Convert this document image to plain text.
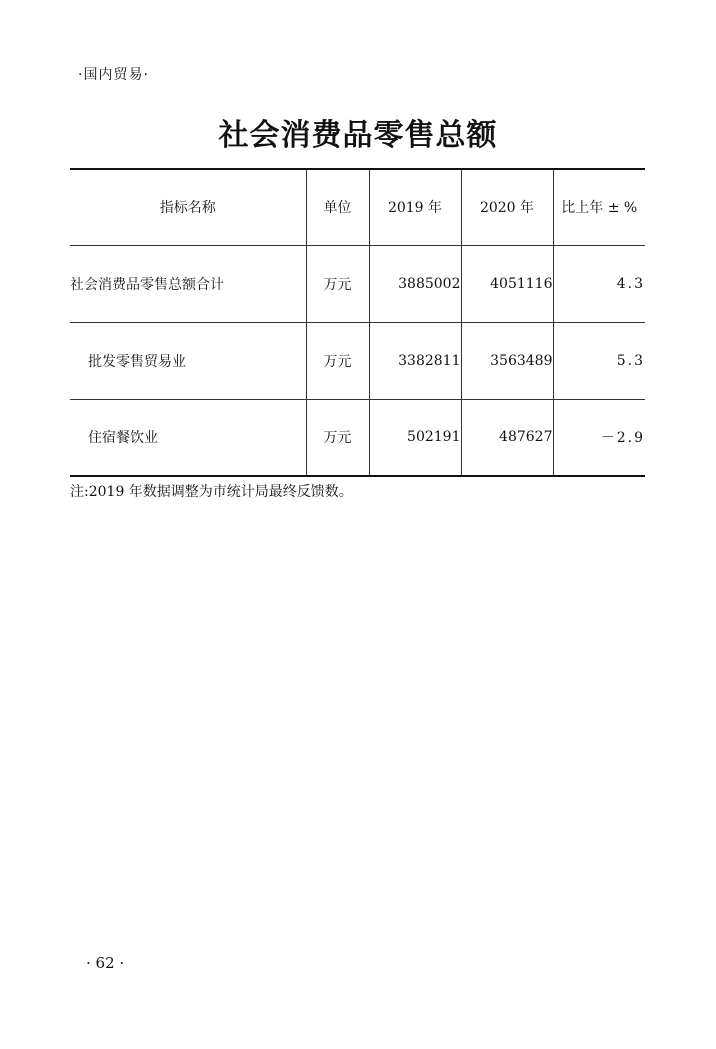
·国内贸易·
社会消费品零售总额
指标名称	单位	2019 年	2020 年	比上年 ± %
社会消费品零售总额合计	万元	3885002	4051116	4.3
批发零售贸易业	万元	3382811	3563489	5.3
住宿餐饮业	万元	502191	487627	－2.9
注:2019 年数据调整为市统计局最终反馈数。
· 62 ·
